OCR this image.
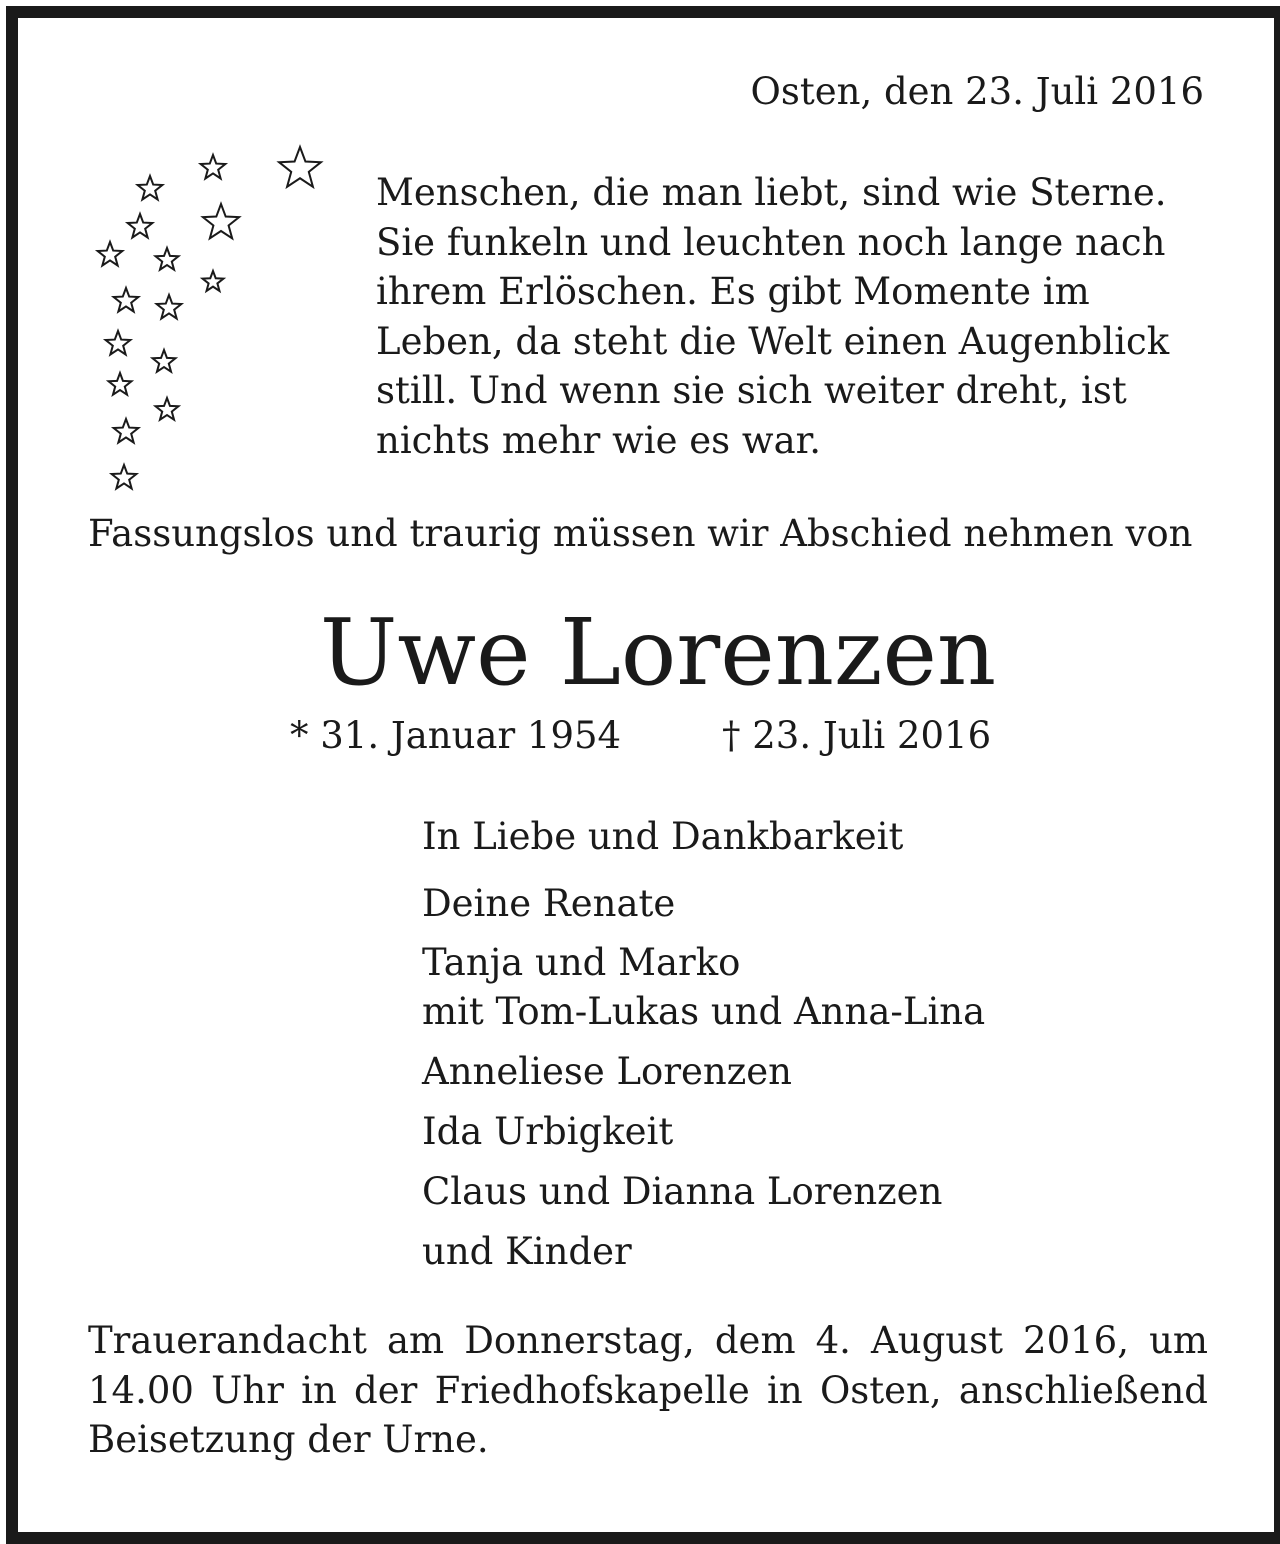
Osten, den 23. Juli 2016
Menschen, die man liebt, sind wie Sterne.
Sie funkeln und leuchten noch lange nach
ihrem Erlöschen. Es gibt Momente im
Leben, da steht die Welt einen Augenblick
still. Und wenn sie sich weiter dreht, ist
nichts mehr wie es war.
Fassungslos und traurig müssen wir Abschied nehmen von
Uwe Lorenzen
* 31. Januar 1954	† 23. Juli 2016
In Liebe und Dankbarkeit
Deine Renate
Tanja und Marko
mit Tom-Lukas und Anna-Lina
Anneliese Lorenzen
Ida Urbigkeit
Claus und Dianna Lorenzen
und Kinder
Trauerandacht am Donnerstag, dem 4. August 2016, um
14.00 Uhr in der Friedhofskapelle in Osten, anschließend
Beisetzung der Urne.
